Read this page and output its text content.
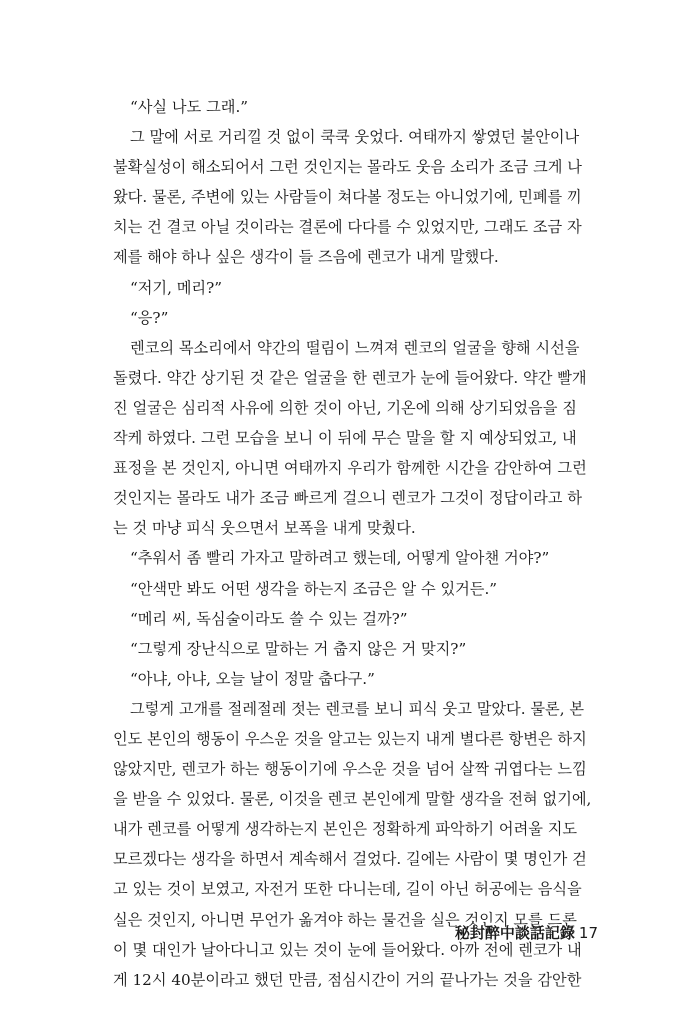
“사실 나도 그래.”
그 말에 서로 거리낄 것 없이 쿡쿡 웃었다. 여태까지 쌓였던 불안이나
불확실성이 해소되어서 그런 것인지는 몰라도 웃음 소리가 조금 크게 나
왔다. 물론, 주변에 있는 사람들이 쳐다볼 정도는 아니었기에, 민폐를 끼
치는 건 결코 아닐 것이라는 결론에 다다를 수 있었지만, 그래도 조금 자
제를 해야 하나 싶은 생각이 들 즈음에 렌코가 내게 말했다.
“저기, 메리?”
“응?”
렌코의 목소리에서 약간의 떨림이 느껴져 렌코의 얼굴을 향해 시선을
돌렸다. 약간 상기된 것 같은 얼굴을 한 렌코가 눈에 들어왔다. 약간 빨개
진 얼굴은 심리적 사유에 의한 것이 아닌, 기온에 의해 상기되었음을 짐
작케 하였다. 그런 모습을 보니 이 뒤에 무슨 말을 할 지 예상되었고, 내
표정을 본 것인지, 아니면 여태까지 우리가 함께한 시간을 감안하여 그런
것인지는 몰라도 내가 조금 빠르게 걸으니 렌코가 그것이 정답이라고 하
는 것 마냥 피식 웃으면서 보폭을 내게 맞췄다.
“추워서 좀 빨리 가자고 말하려고 했는데, 어떻게 알아챈 거야?”
“안색만 봐도 어떤 생각을 하는지 조금은 알 수 있거든.”
“메리 씨, 독심술이라도 쓸 수 있는 걸까?”
“그렇게 장난식으로 말하는 거 춥지 않은 거 맞지?”
“아냐, 아냐, 오늘 날이 정말 춥다구.”
그렇게 고개를 절레절레 젓는 렌코를 보니 피식 웃고 말았다. 물론, 본
인도 본인의 행동이 우스운 것을 알고는 있는지 내게 별다른 항변은 하지
않았지만, 렌코가 하는 행동이기에 우스운 것을 넘어 살짝 귀엽다는 느낌
을 받을 수 있었다. 물론, 이것을 렌코 본인에게 말할 생각을 전혀 없기에,
내가 렌코를 어떻게 생각하는지 본인은 정확하게 파악하기 어려울 지도
모르겠다는 생각을 하면서 계속해서 걸었다. 길에는 사람이 몇 명인가 걷
고 있는 것이 보였고, 자전거 또한 다니는데, 길이 아닌 허공에는 음식을
실은 것인지, 아니면 무언가 옮겨야 하는 물건을 실은 것인지 모를 드론
이 몇 대인가 날아다니고 있는 것이 눈에 들어왔다. 아까 전에 렌코가 내
게 12시 40분이라고 했던 만큼, 점심시간이 거의 끝나가는 것을 감안한
秘封醉中談話記錄 17
